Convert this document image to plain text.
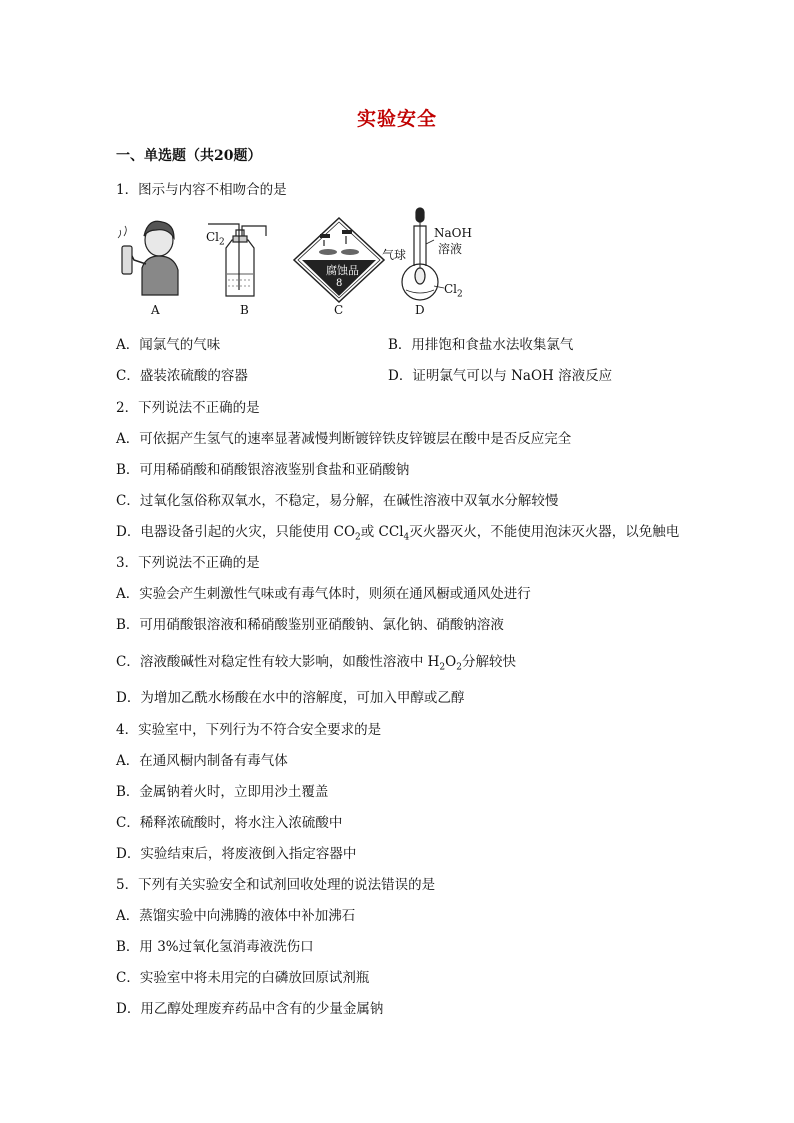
实验安全
一、单选题（共20题）
1．图示与内容不相吻合的是
A	B	C	D
$Cl_2$
腐蚀品
8
NaOH
溶液
气球
$Cl_2$
A．闻氯气的气味	B．用排饱和食盐水法收集氯气
C．盛装浓硫酸的容器	D．证明氯气可以与 NaOH 溶液反应
2．下列说法不正确的是
A．可依据产生氢气的速率显著减慢判断镀锌铁皮锌镀层在酸中是否反应完全
B．可用稀硝酸和硝酸银溶液鉴别食盐和亚硝酸钠
C．过氧化氢俗称双氧水，不稳定，易分解，在碱性溶液中双氧水分解较慢
D．电器设备引起的火灾，只能使用 $CO_2$或 CCl$_4$灭火器灭火，不能使用泡沫灭火器，以免触电
3．下列说法不正确的是
A．实验会产生刺激性气味或有毒气体时，则须在通风橱或通风处进行
B．可用硝酸银溶液和稀硝酸鉴别亚硝酸钠、氯化钠、硝酸钠溶液
C．溶液酸碱性对稳定性有较大影响，如酸性溶液中 $H_2O_2$分解较快
D．为增加乙酰水杨酸在水中的溶解度，可加入甲醇或乙醇
4．实验室中，下列行为不符合安全要求的是
A．在通风橱内制备有毒气体
B．金属钠着火时，立即用沙土覆盖
C．稀释浓硫酸时，将水注入浓硫酸中
D．实验结束后，将废液倒入指定容器中
5．下列有关实验安全和试剂回收处理的说法错误的是
A．蒸馏实验中向沸腾的液体中补加沸石
B．用 3%过氧化氢消毒液洗伤口
C．实验室中将未用完的白磷放回原试剂瓶
D．用乙醇处理废弃药品中含有的少量金属钠
